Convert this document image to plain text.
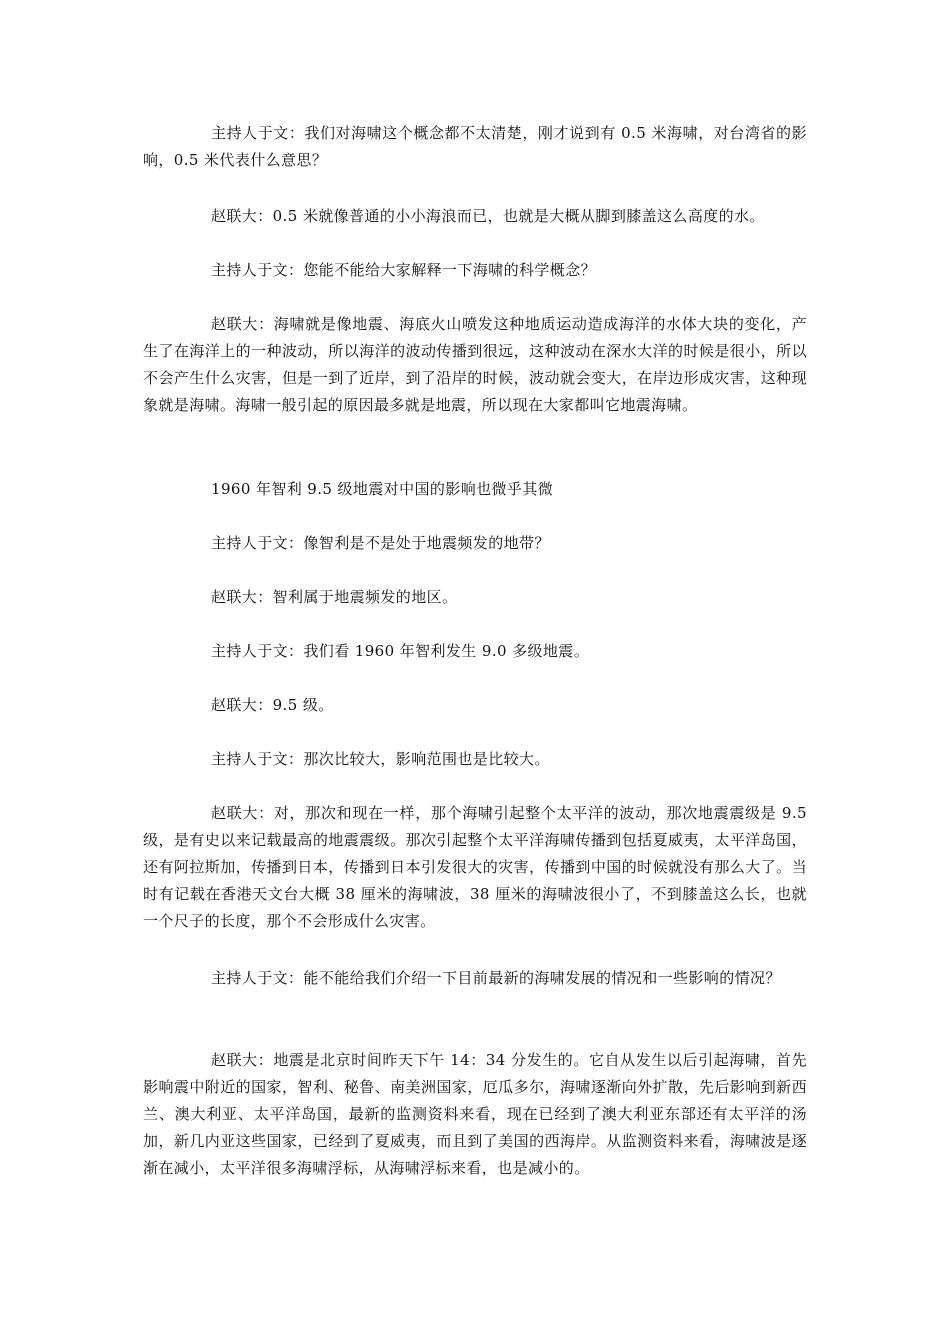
主持人于文：我们对海啸这个概念都不太清楚，刚才说到有 0.5 米海啸，对台湾省的影响，0.5 米代表什么意思？

赵联大：0.5 米就像普通的小小海浪而已，也就是大概从脚到膝盖这么高度的水。

主持人于文：您能不能给大家解释一下海啸的科学概念？

赵联大：海啸就是像地震、海底火山喷发这种地质运动造成海洋的水体大块的变化，产生了在海洋上的一种波动，所以海洋的波动传播到很远，这种波动在深水大洋的时候是很小，所以不会产生什么灾害，但是一到了近岸，到了沿岸的时候，波动就会变大，在岸边形成灾害，这种现象就是海啸。海啸一般引起的原因最多就是地震，所以现在大家都叫它地震海啸。

1960 年智利 9.5 级地震对中国的影响也微乎其微

主持人于文：像智利是不是处于地震频发的地带？

赵联大：智利属于地震频发的地区。

主持人于文：我们看 1960 年智利发生 9.0 多级地震。

赵联大：9.5 级。

主持人于文：那次比较大，影响范围也是比较大。

赵联大：对，那次和现在一样，那个海啸引起整个太平洋的波动，那次地震震级是 9.5 级，是有史以来记载最高的地震震级。那次引起整个太平洋海啸传播到包括夏威夷，太平洋岛国，还有阿拉斯加，传播到日本，传播到日本引发很大的灾害，传播到中国的时候就没有那么大了。当时有记载在香港天文台大概 38 厘米的海啸波，38 厘米的海啸波很小了，不到膝盖这么长，也就一个尺子的长度，那个不会形成什么灾害。

主持人于文：能不能给我们介绍一下目前最新的海啸发展的情况和一些影响的情况？

赵联大：地震是北京时间昨天下午 14：34 分发生的。它自从发生以后引起海啸，首先影响震中附近的国家，智利、秘鲁、南美洲国家，厄瓜多尔，海啸逐渐向外扩散，先后影响到新西兰、澳大利亚、太平洋岛国，最新的监测资料来看，现在已经到了澳大利亚东部还有太平洋的汤加，新几内亚这些国家，已经到了夏威夷，而且到了美国的西海岸。从监测资料来看，海啸波是逐渐在减小，太平洋很多海啸浮标，从海啸浮标来看，也是减小的。
